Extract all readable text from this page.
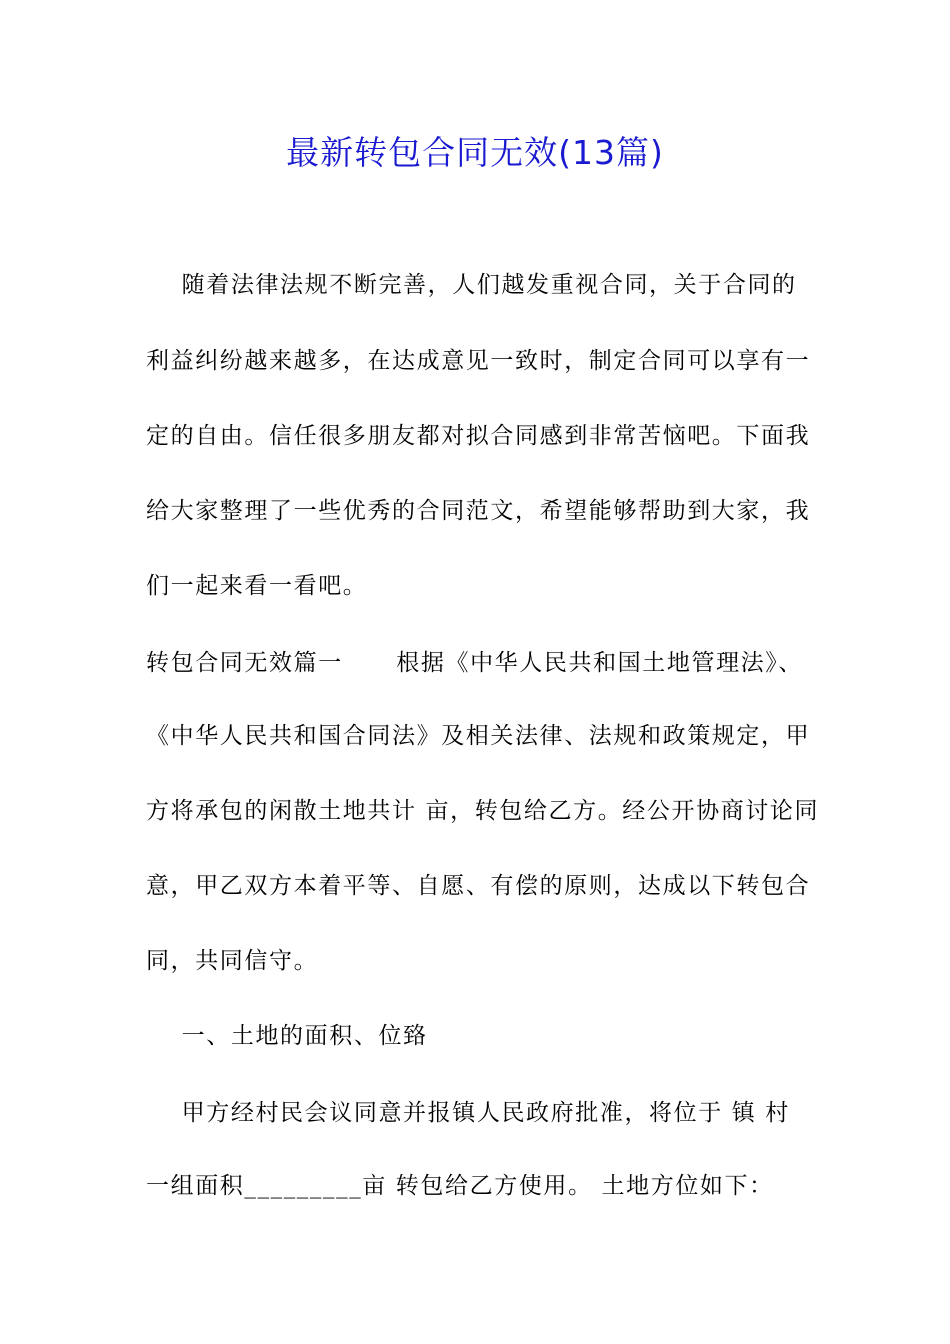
最新转包合同无效(13篇)

随着法律法规不断完善，人们越发重视合同，关于合同的

利益纠纷越来越多，在达成意见一致时，制定合同可以享有一

定的自由。信任很多朋友都对拟合同感到非常苦恼吧。下面我

给大家整理了一些优秀的合同范文，希望能够帮助到大家，我

们一起来看一看吧。

转包合同无效篇一      根据《中华人民共和国土地管理法》、

《中华人民共和国合同法》及相关法律、法规和政策规定，甲

方将承包的闲散土地共计 亩，转包给乙方。经公开协商讨论同

意，甲乙双方本着平等、自愿、有偿的原则，达成以下转包合

同，共同信守。

一、土地的面积、位臵

甲方经村民会议同意并报镇人民政府批准，将位于 镇 村

一组面积_________亩 转包给乙方使用。 土地方位如下：
